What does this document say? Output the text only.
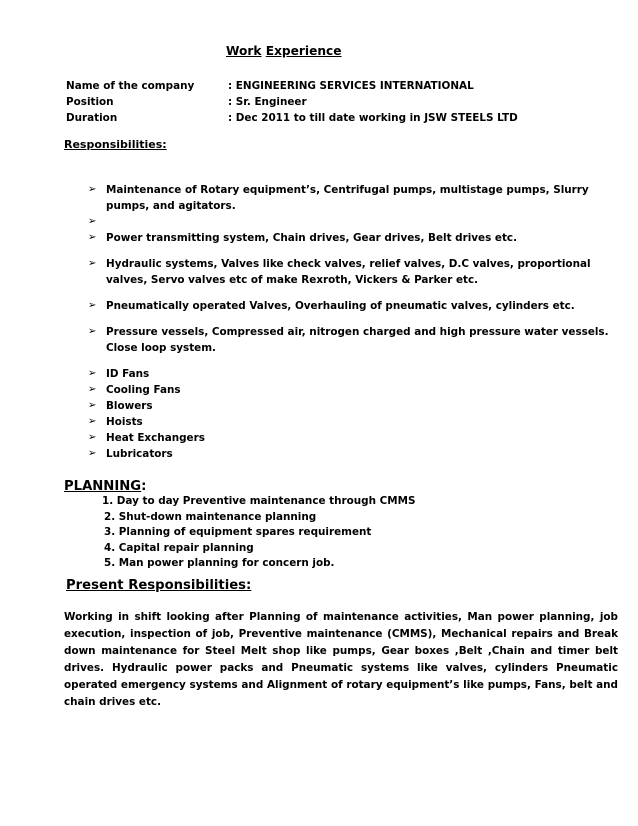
Work Experience
Name of the company	: ENGINEERING SERVICES INTERNATIONAL
Position	: Sr. Engineer
Duration	: Dec 2011 to till date working in JSW STEELS LTD
Responsibilities:
➢ Maintenance of Rotary equipment’s, Centrifugal pumps, multistage pumps, Slurry pumps, and agitators.
➢

➢ Power transmitting system, Chain drives, Gear drives, Belt drives etc.
➢ Hydraulic systems, Valves like check valves, relief valves, D.C valves, proportional valves, Servo valves etc of make Rexroth, Vickers & Parker etc.
➢ Pneumatically operated Valves, Overhauling of pneumatic valves, cylinders etc.
➢ Pressure vessels, Compressed air, nitrogen charged and high pressure water vessels. Close loop system.
➢ ID Fans
➢ Cooling Fans
➢ Blowers
➢ Hoists
➢ Heat Exchangers
➢ Lubricators
PLANNING:
1. Day to day Preventive maintenance through CMMS
2. Shut-down maintenance planning
3. Planning of equipment spares requirement
4. Capital repair planning
5. Man power planning for concern job.
Present Responsibilities:
Working in shift looking after Planning of maintenance activities, Man power planning, job execution, inspection of job, Preventive maintenance (CMMS), Mechanical repairs and Break down maintenance for Steel Melt shop like pumps, Gear boxes ,Belt ,Chain and timer belt drives. Hydraulic power packs and Pneumatic systems like valves, cylinders Pneumatic operated emergency systems and Alignment of rotary equipment’s like pumps, Fans, belt and chain drives etc.
